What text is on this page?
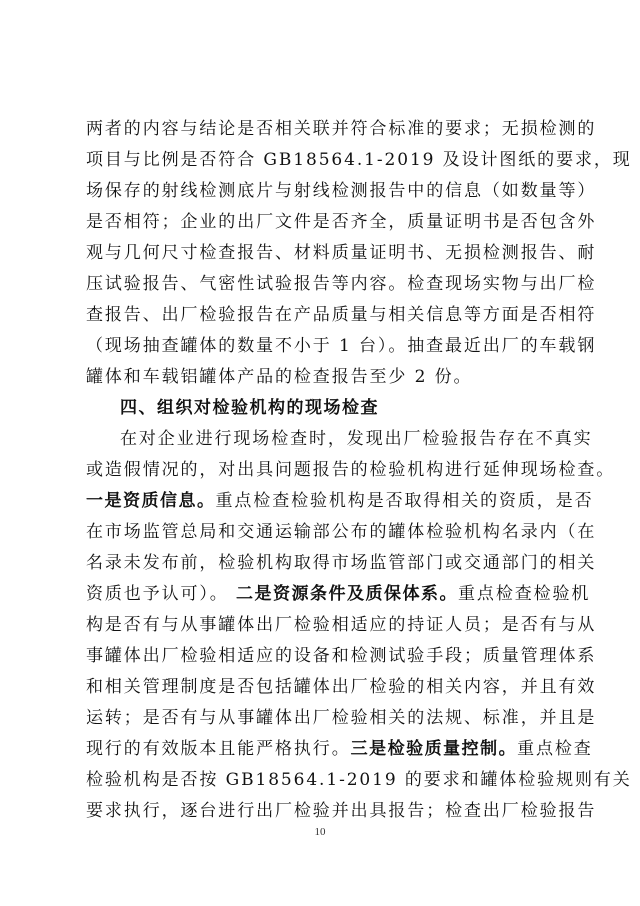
两者的内容与结论是否相关联并符合标准的要求；无损检测的
项目与比例是否符合 GB18564.1-2019 及设计图纸的要求，现
场保存的射线检测底片与射线检测报告中的信息（如数量等）
是否相符；企业的出厂文件是否齐全，质量证明书是否包含外
观与几何尺寸检查报告、材料质量证明书、无损检测报告、耐
压试验报告、气密性试验报告等内容。检查现场实物与出厂检
查报告、出厂检验报告在产品质量与相关信息等方面是否相符
（现场抽查罐体的数量不小于 1 台）。抽查最近出厂的车载钢
罐体和车载铝罐体产品的检查报告至少 2 份。
四、组织对检验机构的现场检查
在对企业进行现场检查时，发现出厂检验报告存在不真实
或造假情况的，对出具问题报告的检验机构进行延伸现场检查。
一是资质信息。重点检查检验机构是否取得相关的资质，是否
在市场监管总局和交通运输部公布的罐体检验机构名录内（在
名录未发布前，检验机构取得市场监管部门或交通部门的相关
资质也予认可）。 二是资源条件及质保体系。重点检查检验机
构是否有与从事罐体出厂检验相适应的持证人员；是否有与从
事罐体出厂检验相适应的设备和检测试验手段；质量管理体系
和相关管理制度是否包括罐体出厂检验的相关内容，并且有效
运转；是否有与从事罐体出厂检验相关的法规、标准，并且是
现行的有效版本且能严格执行。三是检验质量控制。重点检查
检验机构是否按 GB18564.1-2019 的要求和罐体检验规则有关
要求执行，逐台进行出厂检验并出具报告；检查出厂检验报告
10
